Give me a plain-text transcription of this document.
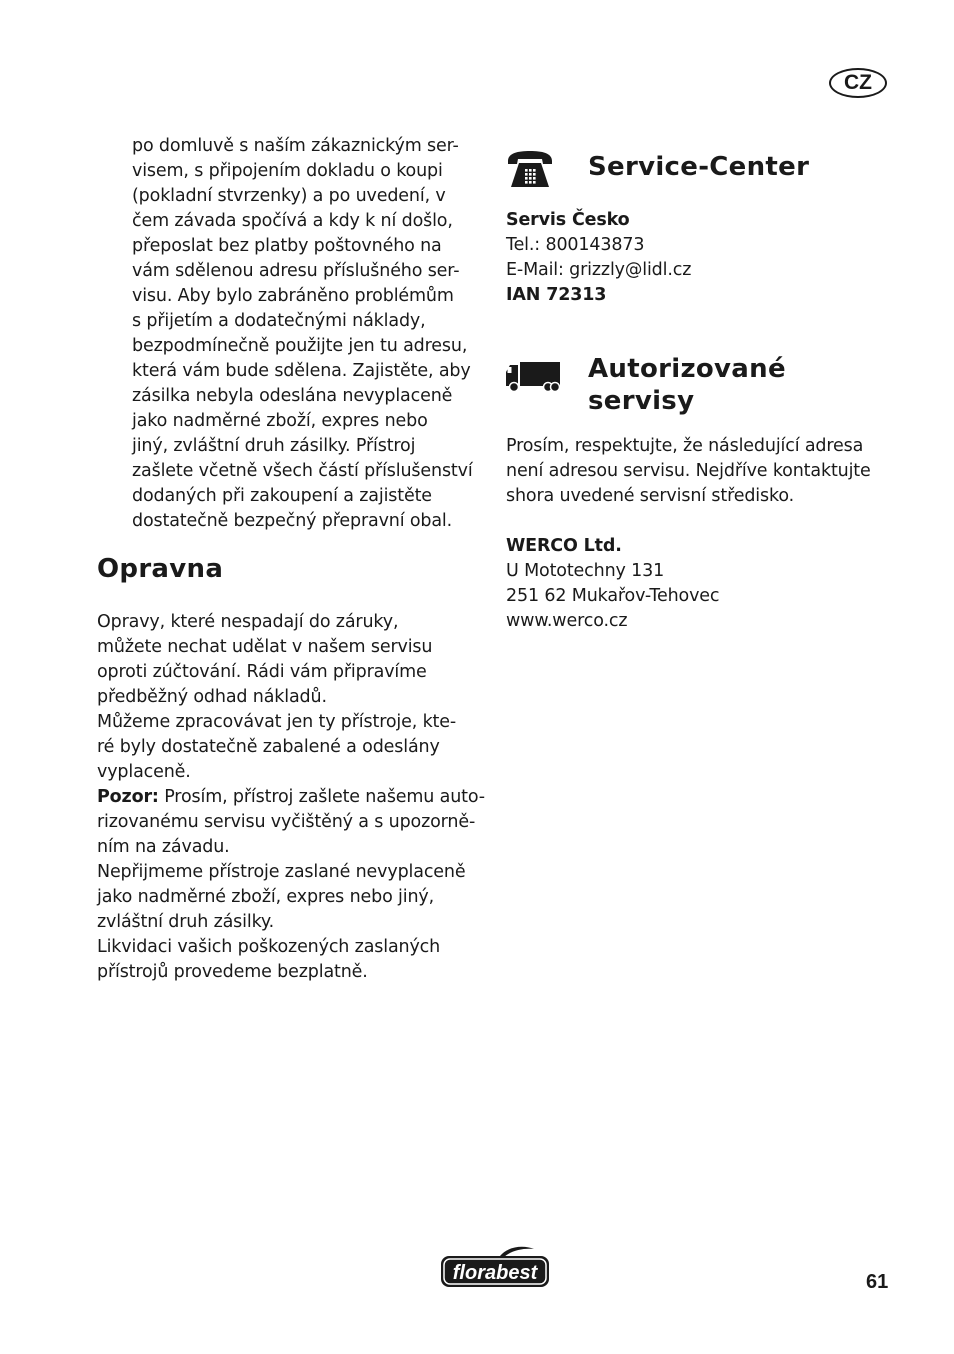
CZ
po domluvě s naším zákaznickým ser-
visem, s připojením dokladu o koupi
(pokladní stvrzenky) a po uvedení, v
čem závada spočívá a kdy k ní došlo,
přeposlat bez platby poštovného na
vám sdělenou adresu příslušného ser-
visu. Aby bylo zabráněno problémům
s přijetím a dodatečnými náklady,
bezpodmínečně použijte jen tu adresu,
která vám bude sdělena. Zajistěte, aby
zásilka nebyla odeslána nevyplaceně
jako nadměrné zboží, expres nebo
jiný, zvláštní druh zásilky. Přístroj
zašlete včetně všech částí příslušenství
dodaných při zakoupení a zajistěte
dostatečně bezpečný přepravní obal.
Opravna
Opravy, které nespadají do záruky,
můžete nechat udělat v našem servisu
oproti zúčtování. Rádi vám připravíme
předběžný odhad nákladů.
Můžeme zpracovávat jen ty přístroje, kte-
ré byly dostatečně zabalené a odeslány
vyplaceně.
Pozor: Prosím, přístroj zašlete našemu auto-
rizovanému servisu vyčištěný a s upozorně-
ním na závadu.
Nepřijmeme přístroje zaslané nevyplaceně
jako nadměrné zboží, expres nebo jiný,
zvláštní druh zásilky.
Likvidaci vašich poškozených zaslaných
přístrojů provedeme bezplatně.
Service-Center
Servis Česko
Tel.: 800143873
E-Mail: grizzly@lidl.cz
IAN 72313
Autorizované
servisy
Prosím, respektujte, že následující adresa
není adresou servisu. Nejdříve kontaktujte
shora uvedené servisní středisko.
WERCO Ltd.
U Mototechny 131
251 62 Mukařov-Tehovec
www.werco.cz
florabest	61
